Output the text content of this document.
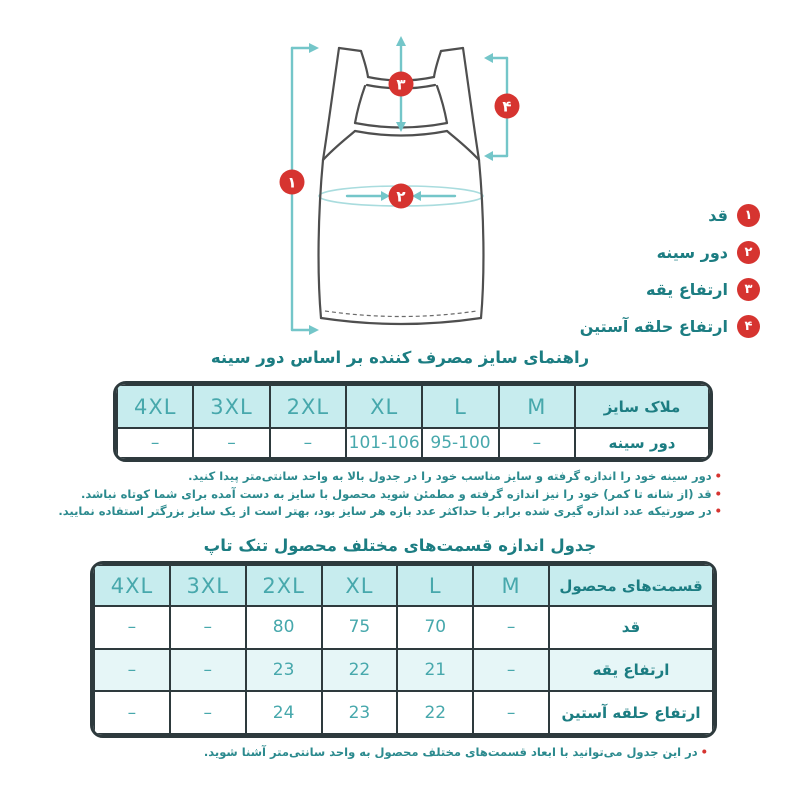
۱
۲
۳
۴
۱
قد
۲
دور سینه
۳
ارتفاع یقه
۴
ارتفاع حلقه آستین
راهنمای سایز مصرف کننده بر اساس دور سینه
ملاک سایز	M	L	XL	2XL	3XL	4XL
دور سینه	–	95-100	101-106	–	–	–
•دور سینه خود را اندازه گرفته و سایز مناسب خود را در جدول بالا به واحد سانتی‌متر پیدا کنید.
•قد (از شانه تا کمر) خود را نیز اندازه گرفته و مطمئن شوید محصول با سایز به دست آمده برای شما کوتاه نباشد.
•در صورتیکه عدد اندازه گیری شده برابر با حداکثر عدد بازه هر سایز بود، بهتر است از یک سایز بزرگتر استفاده نمایید.
جدول اندازه قسمت‌های مختلف محصول تنک تاپ
قسمت‌های محصول	M	L	XL	2XL	3XL	4XL
قد	–	70	75	80	–	–
ارتفاع یقه	–	21	22	23	–	–
ارتفاع حلقه آستین	–	22	23	24	–	–
•در این جدول می‌توانید با ابعاد قسمت‌های مختلف محصول به واحد سانتی‌متر آشنا شوید.
